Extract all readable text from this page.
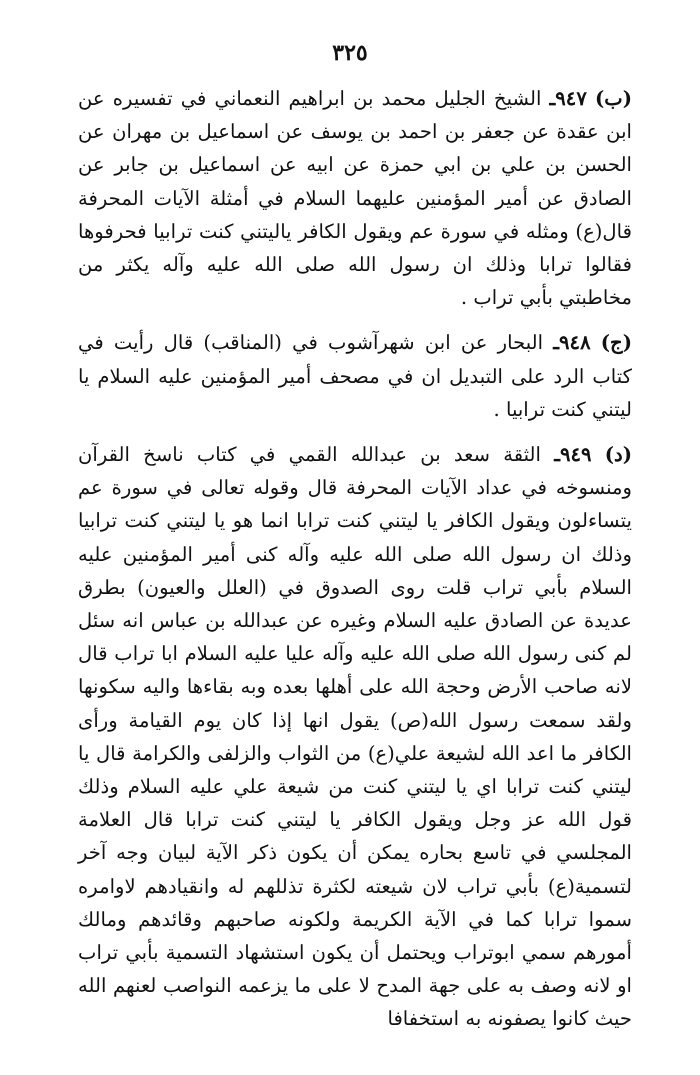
٣٢٥

(ب) ٩٤٧ـ الشيخ الجليل محمد بن ابراهيم النعماني في تفسيره عن ابن عقدة عن جعفر بن احمد بن يوسف عن اسماعيل بن مهران عن الحسن بن علي بن ابي حمزة عن ابيه عن اسماعيل بن جابر عن الصادق عن أمير المؤمنين عليهما السلام في أمثلة الآيات المحرفة قال(ع) ومثله في سورة عم ويقول الكافر ياليتني كنت ترابيا فحرفوها فقالوا ترابا وذلك ان رسول الله صلى الله عليه وآله يكثر من مخاطبتي بأبي تراب .

(ج) ٩٤٨ـ البحار عن ابن شهرآشوب في (المناقب) قال رأيت في كتاب الرد على التبديل ان في مصحف أمير المؤمنين عليه السلام يا ليتني كنت ترابيا .

(د) ٩٤٩ـ الثقة سعد بن عبدالله القمي في كتاب ناسخ القرآن ومنسوخه في عداد الآيات المحرفة قال وقوله تعالى في سورة عم يتساءلون ويقول الكافر يا ليتني كنت ترابا انما هو يا ليتني كنت ترابيا وذلك ان رسول الله صلى الله عليه وآله كنى أمير المؤمنين عليه السلام بأبي تراب قلت روى الصدوق في (العلل والعيون) بطرق عديدة عن الصادق عليه السلام وغيره عن عبدالله بن عباس انه سئل لم كنى رسول الله صلى الله عليه وآله عليا عليه السلام ابا تراب قال لانه صاحب الأرض وحجة الله على أهلها بعده وبه بقاءها واليه سكونها ولقد سمعت رسول الله(ص) يقول انها إذا كان يوم القيامة ورأى الكافر ما اعد الله لشيعة علي(ع) من الثواب والزلفى والكرامة قال يا ليتني كنت ترابا اي يا ليتني كنت من شيعة علي عليه السلام وذلك قول الله عز وجل ويقول الكافر يا ليتني كنت ترابا قال العلامة المجلسي في تاسع بحاره يمكن أن يكون ذكر الآية لبيان وجه آخر لتسمية(ع) بأبي تراب لان شيعته لكثرة تذللهم له وانقيادهم لاوامره سموا ترابا كما في الآية الكريمة ولكونه صاحبهم وقائدهم ومالك أمورهم سمي ابوتراب ويحتمل أن يكون استشهاد التسمية بأبي تراب او لانه وصف به على جهة المدح لا على ما يزعمه النواصب لعنهم الله حيث كانوا يصفونه به استخفافا
